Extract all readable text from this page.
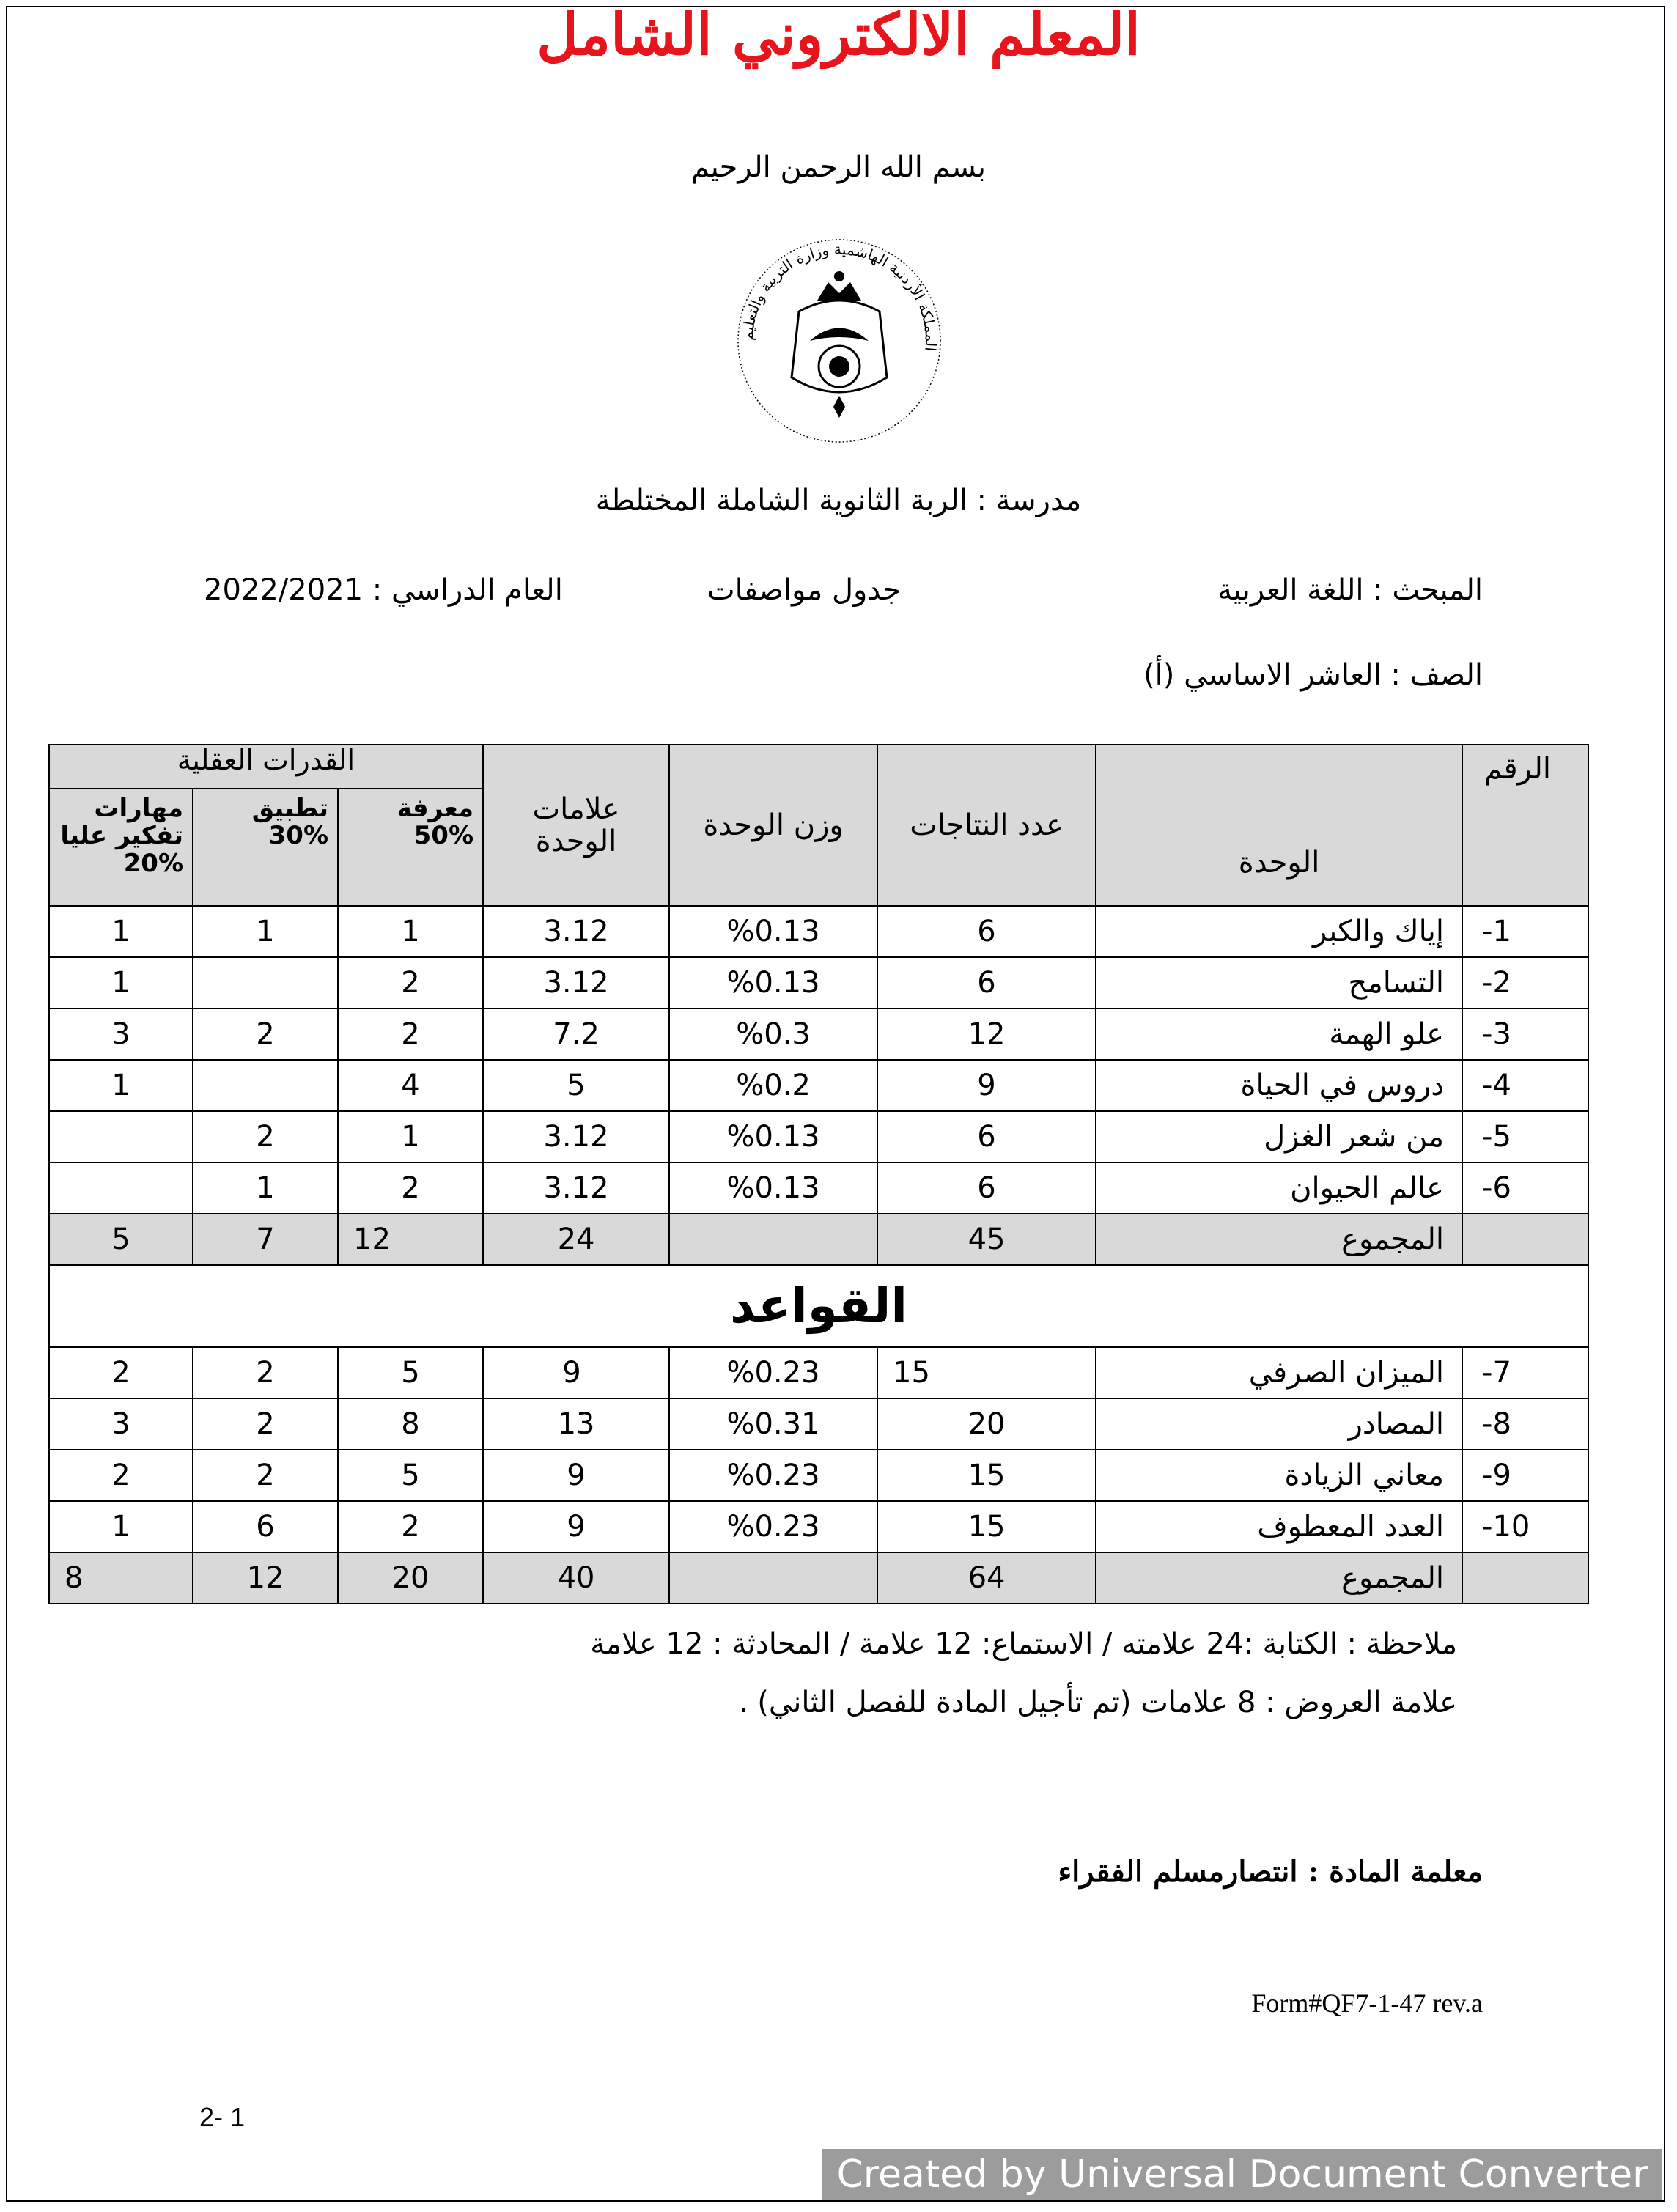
المعلم الالكتروني الشامل
بسم الله الرحمن الرحيم
المملكة الأردنية الهاشمية وزارة التربية والتعليم
مدرسة : الربة الثانوية الشاملة المختلطة
المبحث : اللغة العربية
جدول مواصفات
العام الدراسي : 2022/2021
الصف : العاشر الاساسي (أ)
الرقم	الوحدة	عدد النتاجات	وزن الوحدة	علامات الوحدة	القدرات العقلية		
					معرفة %50	تطبيق %30	مهارات تفكير عليا %20
1-	إياك والكبر	6	%0.13	3.12	1	1	1
2-	التسامح	6	%0.13	3.12	2		1
3-	علو الهمة	12	%0.3	7.2	2	2	3
4-	دروس في الحياة	9	%0.2	5	4		1
5-	من شعر الغزل	6	%0.13	3.12	1	2	
6-	عالم الحيوان	6	%0.13	3.12	2	1	
	المجموع	45		24	12	7	5
القواعد							
7-	الميزان الصرفي	15	%0.23	9	5	2	2
8-	المصادر	20	%0.31	13	8	2	3
9-	معاني الزيادة	15	%0.23	9	5	2	2
10-	العدد المعطوف	15	%0.23	9	2	6	1
	المجموع	64		40	20	12	8
ملاحظة : الكتابة :24 علامته / الاستماع: 12 علامة / المحادثة : 12 علامة
علامة العروض : 8 علامات (تم تأجيل المادة للفصل الثاني) .
معلمة المادة : انتصارمسلم الفقراء
Form#QF7-1-47 rev.a
2- 1
Created by Universal Document Converter
